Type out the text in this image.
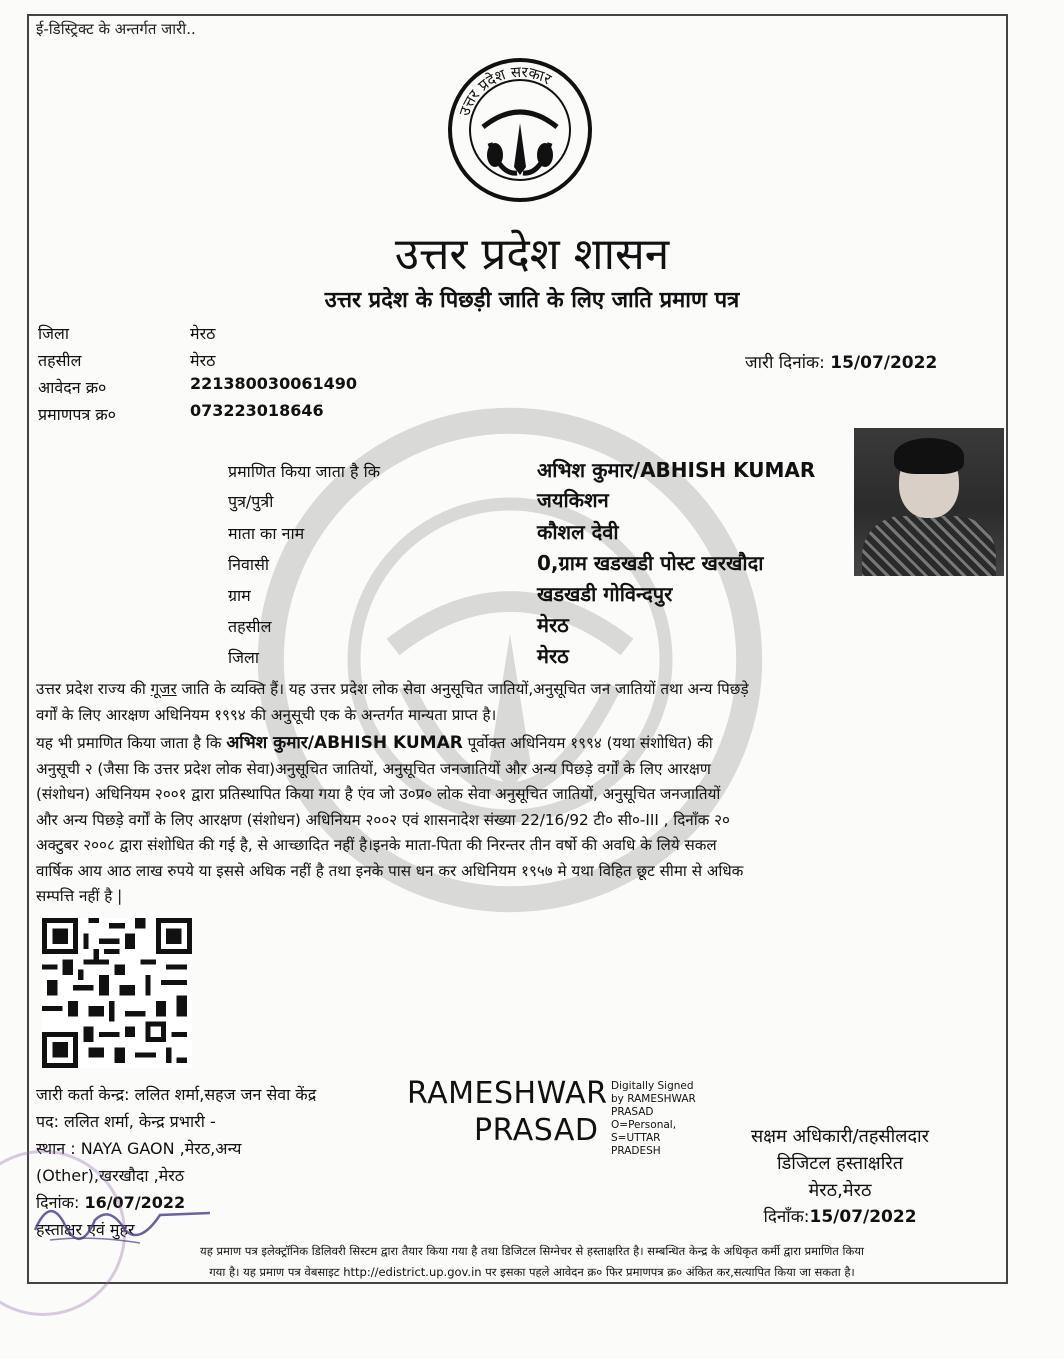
ई-डिस्ट्रिक्ट के अन्तर्गत जारी..
उत्तर प्रदेश सरकार
उत्तर प्रदेश शासन
उत्तर प्रदेश के पिछड़ी जाति के लिए जाति प्रमाण पत्र
जिला	मेरठ
तहसील	मेरठ
आवेदन क्र०	221380030061490
प्रमाणपत्र क्र०	073223018646
जारी दिनांक: 15/07/2022
प्रमाणित किया जाता है कि	अभिश कुमार/ABHISH KUMAR
पुत्र/पुत्री	जयकिशन
माता का नाम	कौशल देवी
निवासी	0,ग्राम खडखडी पोस्ट खरखौदा
ग्राम	खडखडी गोविन्दपुर
तहसील	मेरठ
जिला	मेरठ
उत्तर प्रदेश राज्य की गूजर जाति के व्यक्ति हैं। यह उत्तर प्रदेश लोक सेवा अनुसूचित जातियों,अनुसूचित जन जातियों तथा अन्य पिछड़े
वर्गों के लिए आरक्षण अधिनियम १९९४ की अनुसूची एक के अन्तर्गत मान्यता प्राप्त है।
यह भी प्रमाणित किया जाता है कि अभिश कुमार/ABHISH KUMAR पूर्वोक्त अधिनियम १९९४ (यथा संशोधित) की
अनुसूची २ (जैसा कि उत्तर प्रदेश लोक सेवा)अनुसूचित जातियों, अनुसूचित जनजातियों और अन्य पिछड़े वर्गों के लिए आरक्षण
(संशोधन) अधिनियम २००१ द्वारा प्रतिस्थापित किया गया है एंव जो उ०प्र० लोक सेवा अनुसूचित जातियों, अनुसूचित जनजातियों
और अन्य पिछड़े वर्गों के लिए आरक्षण (संशोधन) अधिनियम २००२ एवं शासनादेश संख्या 22/16/92 टी० सी०-III , दिनाँक २०
अक्टुबर २००८ द्वारा संशोधित की गई है, से आच्छादित नहीं है।इनके माता-पिता की निरन्तर तीन वर्षो की अवधि के लिये सकल
वार्षिक आय आठ लाख रुपये या इससे अधिक नहीं है तथा इनके पास धन कर अधिनियम १९५७ मे यथा विहित छूट सीमा से अधिक
सम्पत्ति नहीं है |
जारी कर्ता केन्द्र: ललित शर्मा,सहज जन सेवा केंद्र
पद: ललित शर्मा, केन्द्र प्रभारी -
स्थान : NAYA GAON ,मेरठ,अन्य
(Other),खरखौदा ,मेरठ
दिनांक: 16/07/2022
हस्ताक्षर एवं मुहर
RAMESHWAR
PRASAD
Digitally Signed by RAMESHWAR PRASAD O=Personal, S=UTTAR PRADESH
सक्षम अधिकारी/तहसीलदार
डिजिटल हस्ताक्षरित
मेरठ,मेरठ
दिनाँक:15/07/2022
यह प्रमाण पत्र इलेक्ट्रॉनिक डिलिवरी सिस्टम द्वारा तैयार किया गया है तथा डिजिटल सिग्नेचर से हस्ताक्षरित है। सम्बन्धित केन्द्र के अधिकृत कर्मी द्वारा प्रमाणित किया
गया है। यह प्रमाण पत्र वेबसाइट http://edistrict.up.gov.in पर इसका पहले आवेदन क्र० फिर प्रमाणपत्र क्र० अंकित कर,सत्यापित किया जा सकता है।
